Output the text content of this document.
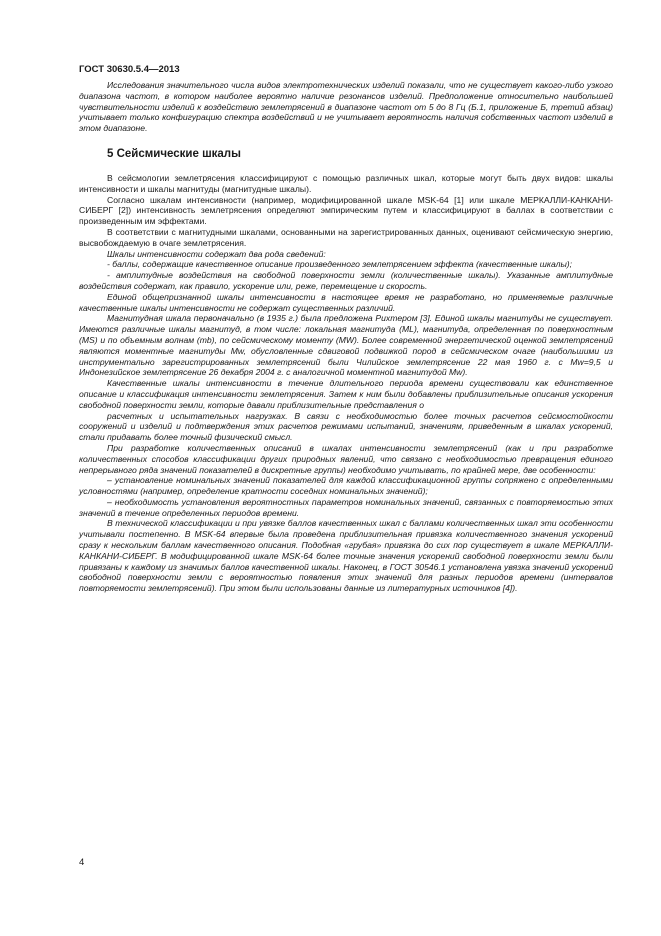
ГОСТ 30630.5.4—2013

Исследования значительного числа видов электротехнических изделий показали, что не существует какого-либо узкого диапазона частот, в котором наиболее вероятно наличие резонансов изделий. Предположение относительно наибольшей чувствительности изделий к воздействию землетрясений в диапазоне частот от 5 до 8 Гц (Б.1, приложение Б, третий абзац) учитывает только конфигурацию спектра воздействий и не учитывает вероятность наличия собственных частот изделий в этом диапазоне.

5 Сейсмические шкалы

В сейсмологии землетрясения классифицируют с помощью различных шкал, которые могут быть двух видов: шкалы интенсивности и шкалы магнитуды (магнитудные шкалы).

Согласно шкалам интенсивности (например, модифицированной шкале MSK-64 [1] или шкале МЕРКАЛЛИ-КАНКАНИ-СИБЕРГ [2]) интенсивность землетрясения определяют эмпирическим путем и классифицируют в баллах в соответствии с произведенным им эффектами.

В соответствии с магнитудными шкалами, основанными на зарегистрированных данных, оценивают сейсмическую энергию, высвобождаемую в очаге землетрясения.

Шкалы интенсивности содержат два рода сведений:

- баллы, содержащие качественное описание произведенного землетрясением эффекта (качественные шкалы);

- амплитудные воздействия на свободной поверхности земли (количественные шкалы). Указанные амплитудные воздействия содержат, как правило, ускорение или, реже, перемещение и скорость.

Единой общепризнанной шкалы интенсивности в настоящее время не разработано, но применяемые различные качественные шкалы интенсивности не содержат существенных различий.

Магнитудная шкала первоначально (в 1935 г.) была предложена Рихтером [3]. Единой шкалы магнитуды не существует. Имеются различные шкалы магнитуд, в том числе: локальная магнитуда (ML), магнитуда, определенная по поверхностным (MS) и по объемным волнам (mb), по сейсмическому моменту (MW). Более современной энергетической оценкой землетрясений являются моментные магнитуды Mw, обусловленные сдвиговой подвижкой пород в сейсмическом очаге (наибольшими из инструментально зарегистрированных землетрясений были Чилийское землетрясение 22 мая 1960 г. с Mw=9,5 и Индонезийское землетрясение 26 декабря 2004 г. с аналогичной моментной магнитудой Mw).

Качественные шкалы интенсивности в течение длительного периода времени существовали как единственное описание и классификация интенсивности землетрясения. Затем к ним были добавлены приблизительные описания ускорения свободной поверхности земли, которые давали приблизительные представления о

расчетных и испытательных нагрузках. В связи с необходимостью более точных расчетов сейсмостойкости сооружений и изделий и подтверждения этих расчетов режимами испытаний, значениям, приведенным в шкалах ускорений, стали придавать более точный физический смысл.

При разработке количественных описаний в шкалах интенсивности землетрясений (как и при разработке количественных способов классификации других природных явлений, что связано с необходимостью превращения единого непрерывного ряда значений показателей в дискретные группы) необходимо учитывать, по крайней мере, две особенности:

– установление номинальных значений показателей для каждой классификационной группы сопряжено с определенными условностями (например, определение кратности соседних номинальных значений);

– необходимость установления вероятностных параметров номинальных значений, связанных с повторяемостью этих значений в течение определенных периодов времени.

В технической классификации и при увязке баллов качественных шкал с баллами количественных шкал эти особенности учитывали постепенно. В MSK-64 впервые была проведена приблизительная привязка количественного значения ускорений сразу к нескольким баллам качественного описания. Подобная «грубая» привязка до сих пор существует в шкале МЕРКАЛЛИ-КАНКАНИ-СИБЕРГ. В модифицированной шкале MSK-64 более точные значения ускорений свободной поверхности земли были привязаны к каждому из значимых баллов качественной шкалы. Наконец, в ГОСТ 30546.1 установлена увязка значений ускорений свободной поверхности земли с вероятностью появления этих значений для разных периодов времени (интервалов повторяемости землетрясений). При этом были использованы данные из литературных источников [4]).

4
